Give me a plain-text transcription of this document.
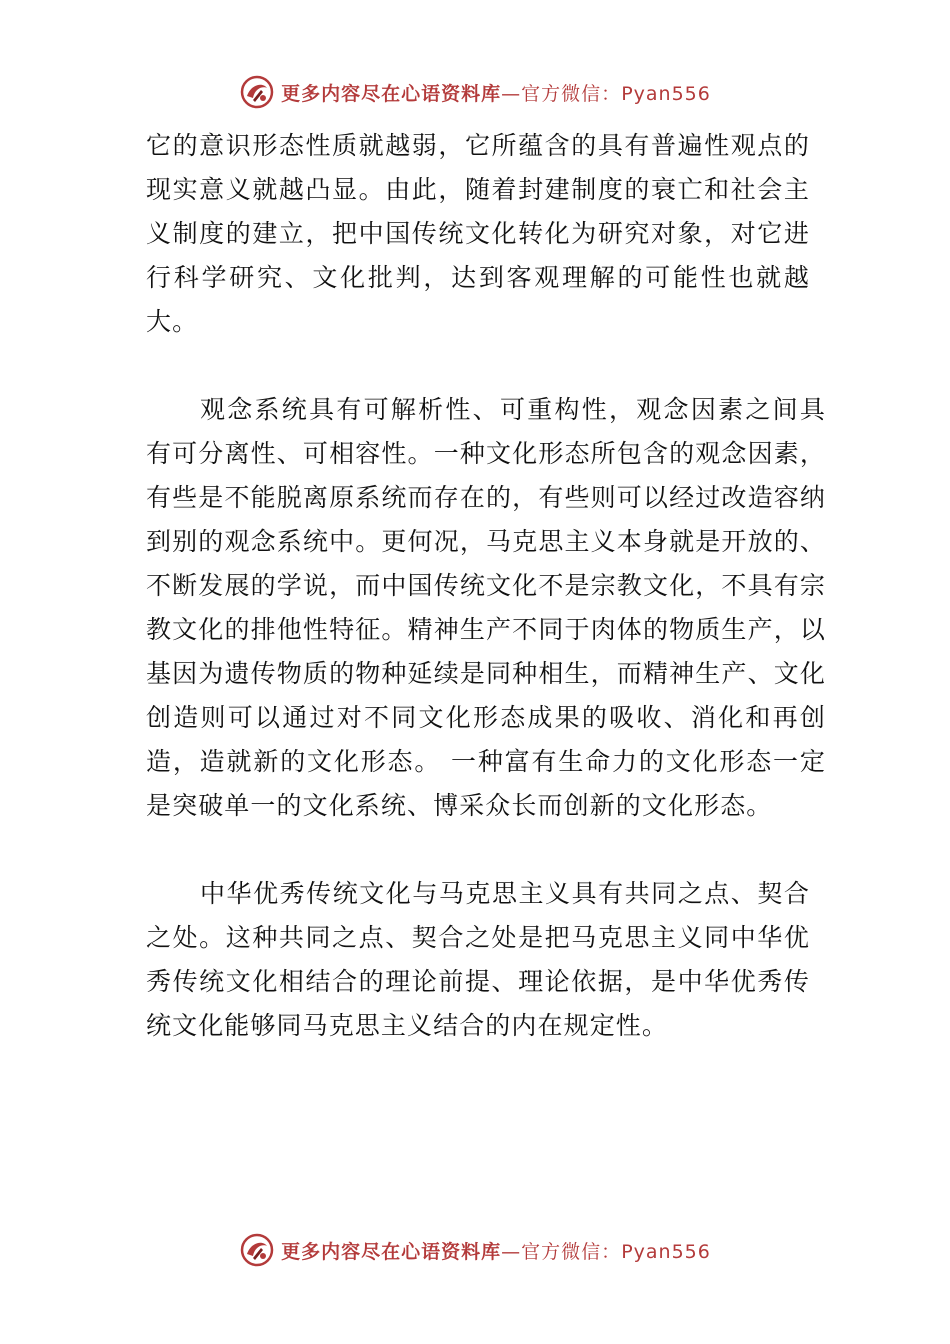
更多内容尽在心语资料库—官方微信：Pyan556

它的意识形态性质就越弱，它所蕴含的具有普遍性观点的现实意义就越凸显。由此，随着封建制度的衰亡和社会主义制度的建立，把中国传统文化转化为研究对象，对它进行科学研究、文化批判，达到客观理解的可能性也就越大。

观念系统具有可解析性、可重构性，观念因素之间具有可分离性、可相容性。一种文化形态所包含的观念因素，有些是不能脱离原系统而存在的，有些则可以经过改造容纳到别的观念系统中。更何况，马克思主义本身就是开放的、不断发展的学说，而中国传统文化不是宗教文化，不具有宗教文化的排他性特征。精神生产不同于肉体的物质生产，以基因为遗传物质的物种延续是同种相生，而精神生产、文化创造则可以通过对不同文化形态成果的吸收、消化和再创造，造就新的文化形态。 一种富有生命力的文化形态一定是突破单一的文化系统、博采众长而创新的文化形态。

中华优秀传统文化与马克思主义具有共同之点、契合之处。这种共同之点、契合之处是把马克思主义同中华优秀传统文化相结合的理论前提、理论依据，是中华优秀传统文化能够同马克思主义结合的内在规定性。

更多内容尽在心语资料库—官方微信：Pyan556
